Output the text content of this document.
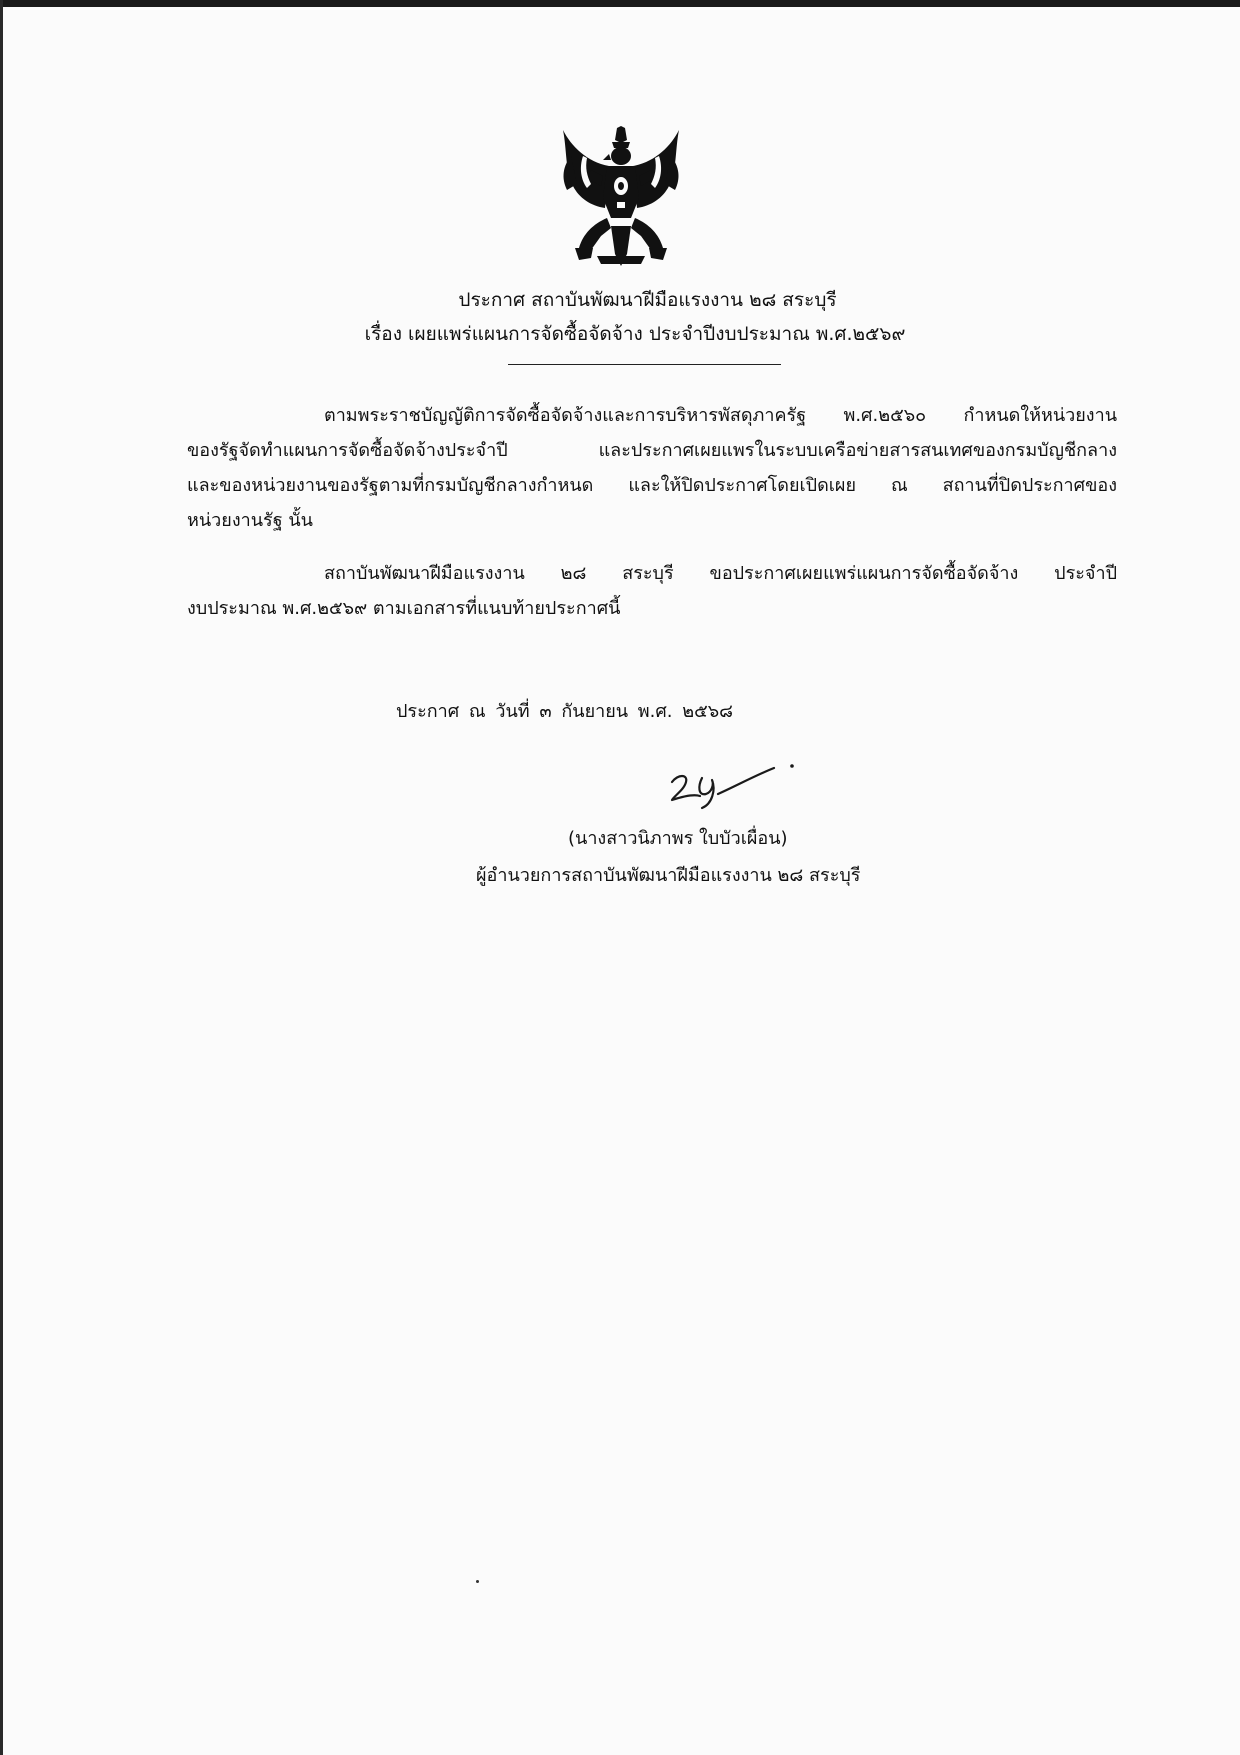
ประกาศ สถาบันพัฒนาฝีมือแรงงาน ๒๘ สระบุรี
เรื่อง เผยแพร่แผนการจัดซื้อจัดจ้าง ประจำปีงบประมาณ พ.ศ.๒๕๖๙
ตามพระราชบัญญัติการจัดซื้อจัดจ้างและการบริหารพัสดุภาครัฐ พ.ศ.๒๕๖๐ กำหนดให้หน่วยงาน
ของรัฐจัดทำแผนการจัดซื้อจัดจ้างประจำปี และประกาศเผยแพรในระบบเครือข่ายสารสนเทศของกรมบัญชีกลาง
และของหน่วยงานของรัฐตามที่กรมบัญชีกลางกำหนด และให้ปิดประกาศโดยเปิดเผย ณ สถานที่ปิดประกาศของ
หน่วยงานรัฐ นั้น
สถาบันพัฒนาฝีมือแรงงาน ๒๘ สระบุรี ขอประกาศเผยแพร่แผนการจัดซื้อจัดจ้าง ประจำปี
งบประมาณ พ.ศ.๒๕๖๙ ตามเอกสารที่แนบท้ายประกาศนี้
ประกาศ ณ วันที่ ๓ กันยายน พ.ศ. ๒๕๖๘
(นางสาวนิภาพร ใบบัวเผื่อน)
ผู้อำนวยการสถาบันพัฒนาฝีมือแรงงาน ๒๘ สระบุรี
